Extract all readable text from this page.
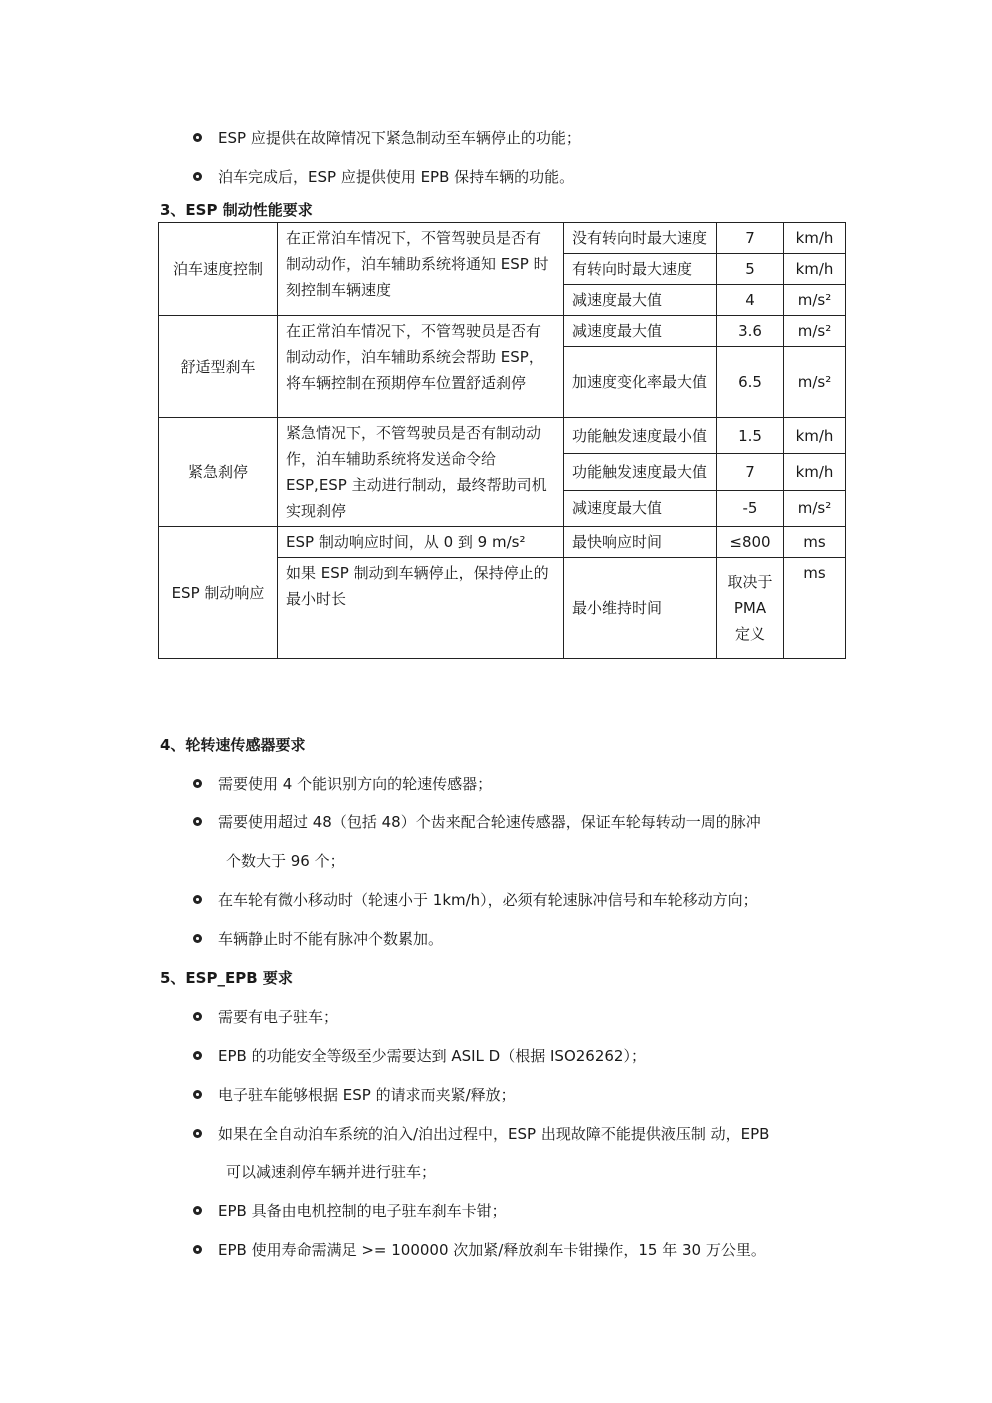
ESP 应提供在故障情况下紧急制动至车辆停止的功能；
泊车完成后，ESP 应提供使用 EPB 保持车辆的功能。
3、ESP 制动性能要求
泊车速度控制	在正常泊车情况下，不管驾驶员是否有制动动作，泊车辅助系统将通知 ESP 时刻控制车辆速度	没有转向时最大速度	7	km/h
		有转向时最大速度	5	km/h
		减速度最大值	4	m/s²
舒适型刹车	在正常泊车情况下，不管驾驶员是否有制动动作，泊车辅助系统会帮助 ESP，将车辆控制在预期停车位置舒适刹停	减速度最大值	3.6	m/s²
		加速度变化率最大值	6.5	m/s²
紧急刹停	紧急情况下，不管驾驶员是否有制动动作，泊车辅助系统将发送命令给 ESP,ESP 主动进行制动，最终帮助司机实现刹停	功能触发速度最小值	1.5	km/h
		功能触发速度最大值	7	km/h
		减速度最大值	-5	m/s²
ESP 制动响应	ESP 制动响应时间，从 0 到 9 m/s²	最快响应时间	≤800	ms
	如果 ESP 制动到车辆停止，保持停止的最小时长	最小维持时间	取决于 PMA 定义	ms
4、轮转速传感器要求
需要使用 4 个能识别方向的轮速传感器；
需要使用超过 48（包括 48）个齿来配合轮速传感器，保证车轮每转动一周的脉冲
个数大于 96 个；
在车轮有微小移动时（轮速小于 1km/h），必须有轮速脉冲信号和车轮移动方向；
车辆静止时不能有脉冲个数累加。
5、ESP_EPB 要求
需要有电子驻车；
EPB 的功能安全等级至少需要达到 ASIL D（根据 ISO26262）；
电子驻车能够根据 ESP 的请求而夹紧/释放；
如果在全自动泊车系统的泊入/泊出过程中，ESP 出现故障不能提供液压制 动，EPB
可以减速刹停车辆并进行驻车；
EPB 具备由电机控制的电子驻车刹车卡钳；
EPB 使用寿命需满足 >= 100000 次加紧/释放刹车卡钳操作，15 年 30 万公里。
